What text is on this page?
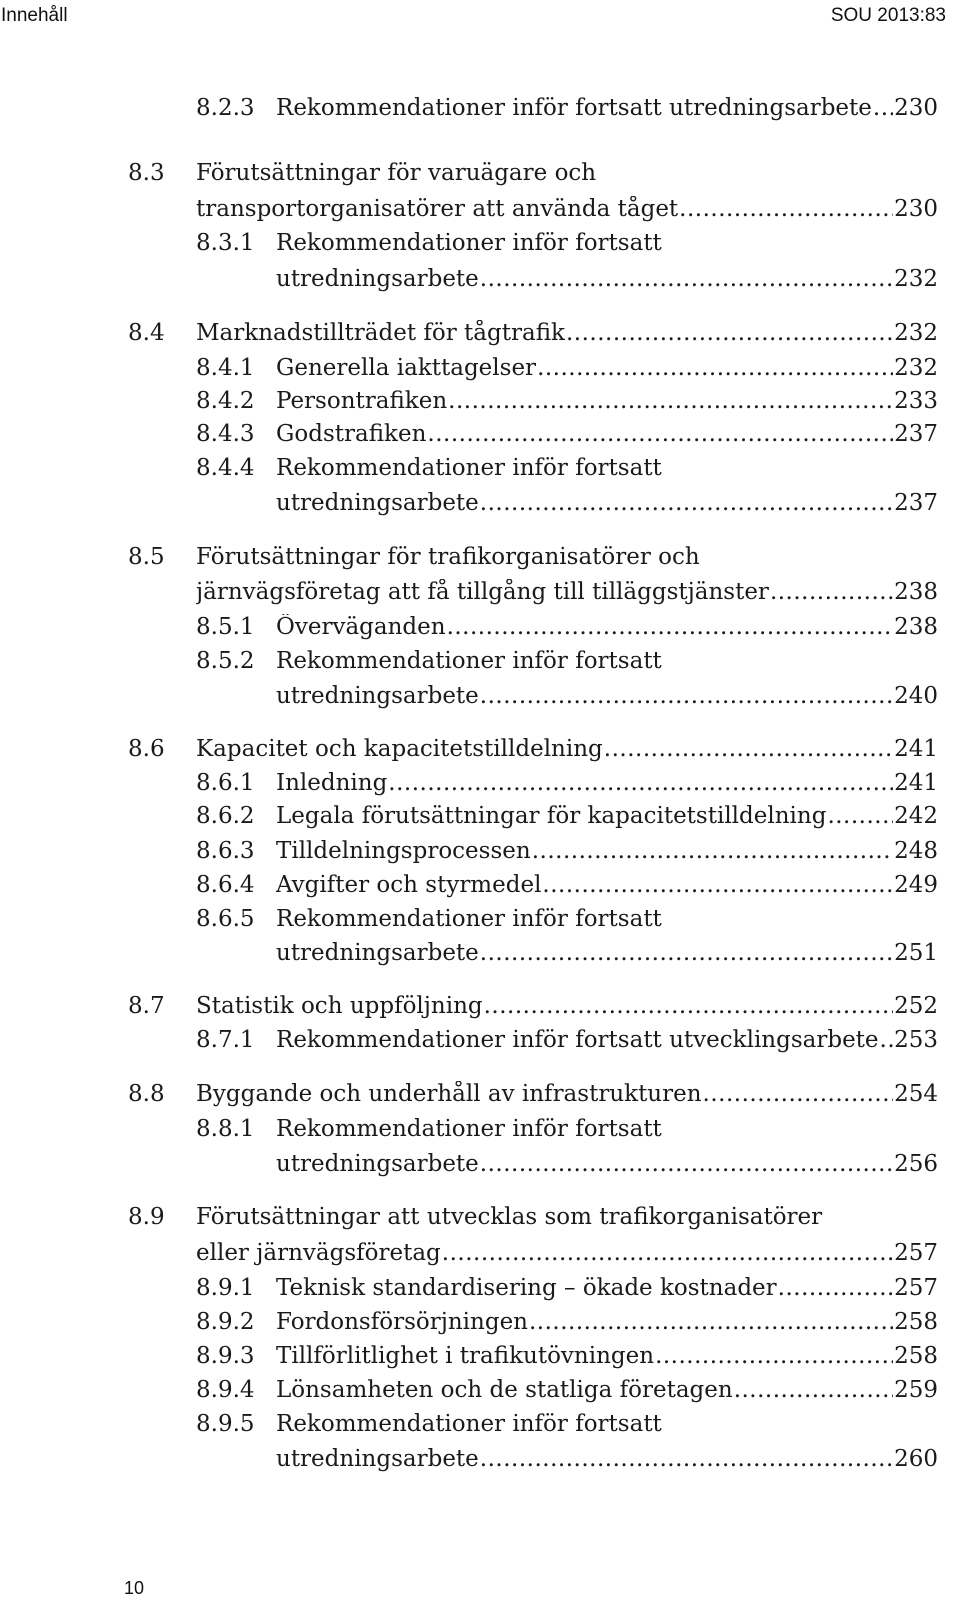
Innehåll	SOU 2013:83
8.2.3 Rekommendationer inför fortsatt utredningsarbete ..... 230
8.3	Förutsättningar för varuägare och
transportorganisatörer att använda tåget .....	230
8.3.1 Rekommendationer inför fortsatt
utredningsarbete .....	232
8.4	Marknadstillträdet för tågtrafik .....	232
8.4.1 Generella iakttagelser .....	232
8.4.2 Persontrafiken .....	233
8.4.3 Godstrafiken .....	237
8.4.4 Rekommendationer inför fortsatt
utredningsarbete .....	237
8.5	Förutsättningar för trafikorganisatörer och
järnvägsföretag att få tillgång till tilläggstjänster .....	238
8.5.1 Överväganden .....	238
8.5.2 Rekommendationer inför fortsatt
utredningsarbete .....	240
8.6	Kapacitet och kapacitetstilldelning .....	241
8.6.1 Inledning .....	241
8.6.2 Legala förutsättningar för kapacitetstilldelning .....	242
8.6.3 Tilldelningsprocessen .....	248
8.6.4 Avgifter och styrmedel .....	249
8.6.5 Rekommendationer inför fortsatt
utredningsarbete .....	251
8.7	Statistik och uppföljning .....	252
8.7.1 Rekommendationer inför fortsatt utvecklingsarbete ..... 253
8.8	Byggande och underhåll av infrastrukturen .....	254
8.8.1 Rekommendationer inför fortsatt
utredningsarbete .....	256
8.9	Förutsättningar att utvecklas som trafikorganisatörer
eller järnvägsföretag .....	257
8.9.1 Teknisk standardisering – ökade kostnader .....	257
8.9.2 Fordonsförsörjningen .....	258
8.9.3 Tillförlitlighet i trafikutövningen .....	258
8.9.4 Lönsamheten och de statliga företagen .....	259
8.9.5 Rekommendationer inför fortsatt
utredningsarbete .....	260
10
